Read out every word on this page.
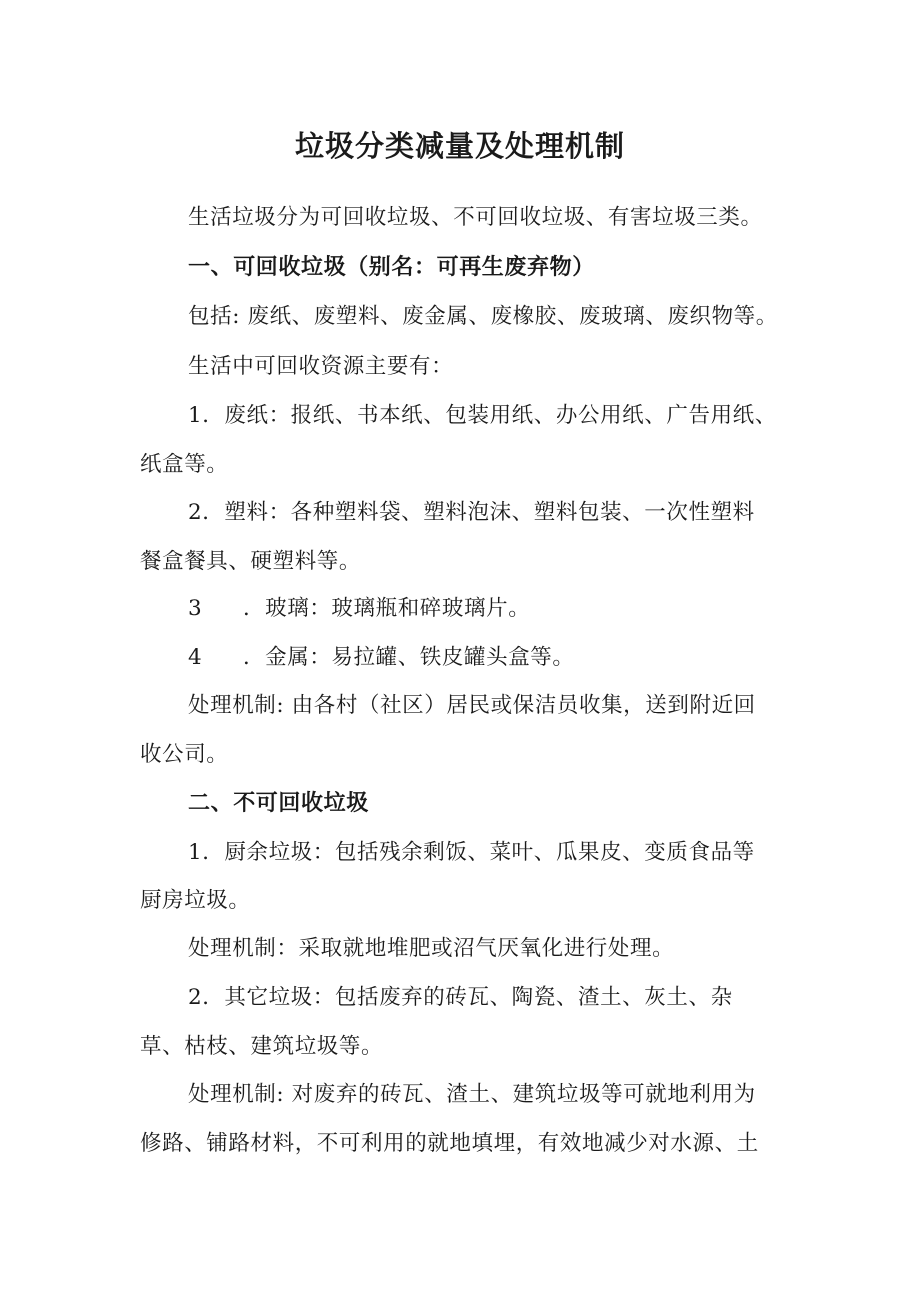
垃圾分类减量及处理机制

生活垃圾分为可回收垃圾、不可回收垃圾、有害垃圾三类。

一、可回收垃圾（别名：可再生废弃物）

包括: 废纸、废塑料、废金属、废橡胶、废玻璃、废织物等。

生活中可回收资源主要有：

1．废纸：报纸、书本纸、包装用纸、办公用纸、广告用纸、

纸盒等。

2．塑料：各种塑料袋、塑料泡沫、塑料包装、一次性塑料

餐盒餐具、硬塑料等。

3 ．玻璃：玻璃瓶和碎玻璃片。

4 ．金属：易拉罐、铁皮罐头盒等。

处理机制: 由各村（社区）居民或保洁员收集，送到附近回

收公司。

二、不可回收垃圾

1．厨余垃圾：包括残余剩饭、菜叶、瓜果皮、变质食品等

厨房垃圾。

处理机制：采取就地堆肥或沼气厌氧化进行处理。

2．其它垃圾：包括废弃的砖瓦、陶瓷、渣土、灰土、杂

草、枯枝、建筑垃圾等。

处理机制: 对废弃的砖瓦、渣土、建筑垃圾等可就地利用为

修路、铺路材料，不可利用的就地填埋，有效地减少对水源、土
